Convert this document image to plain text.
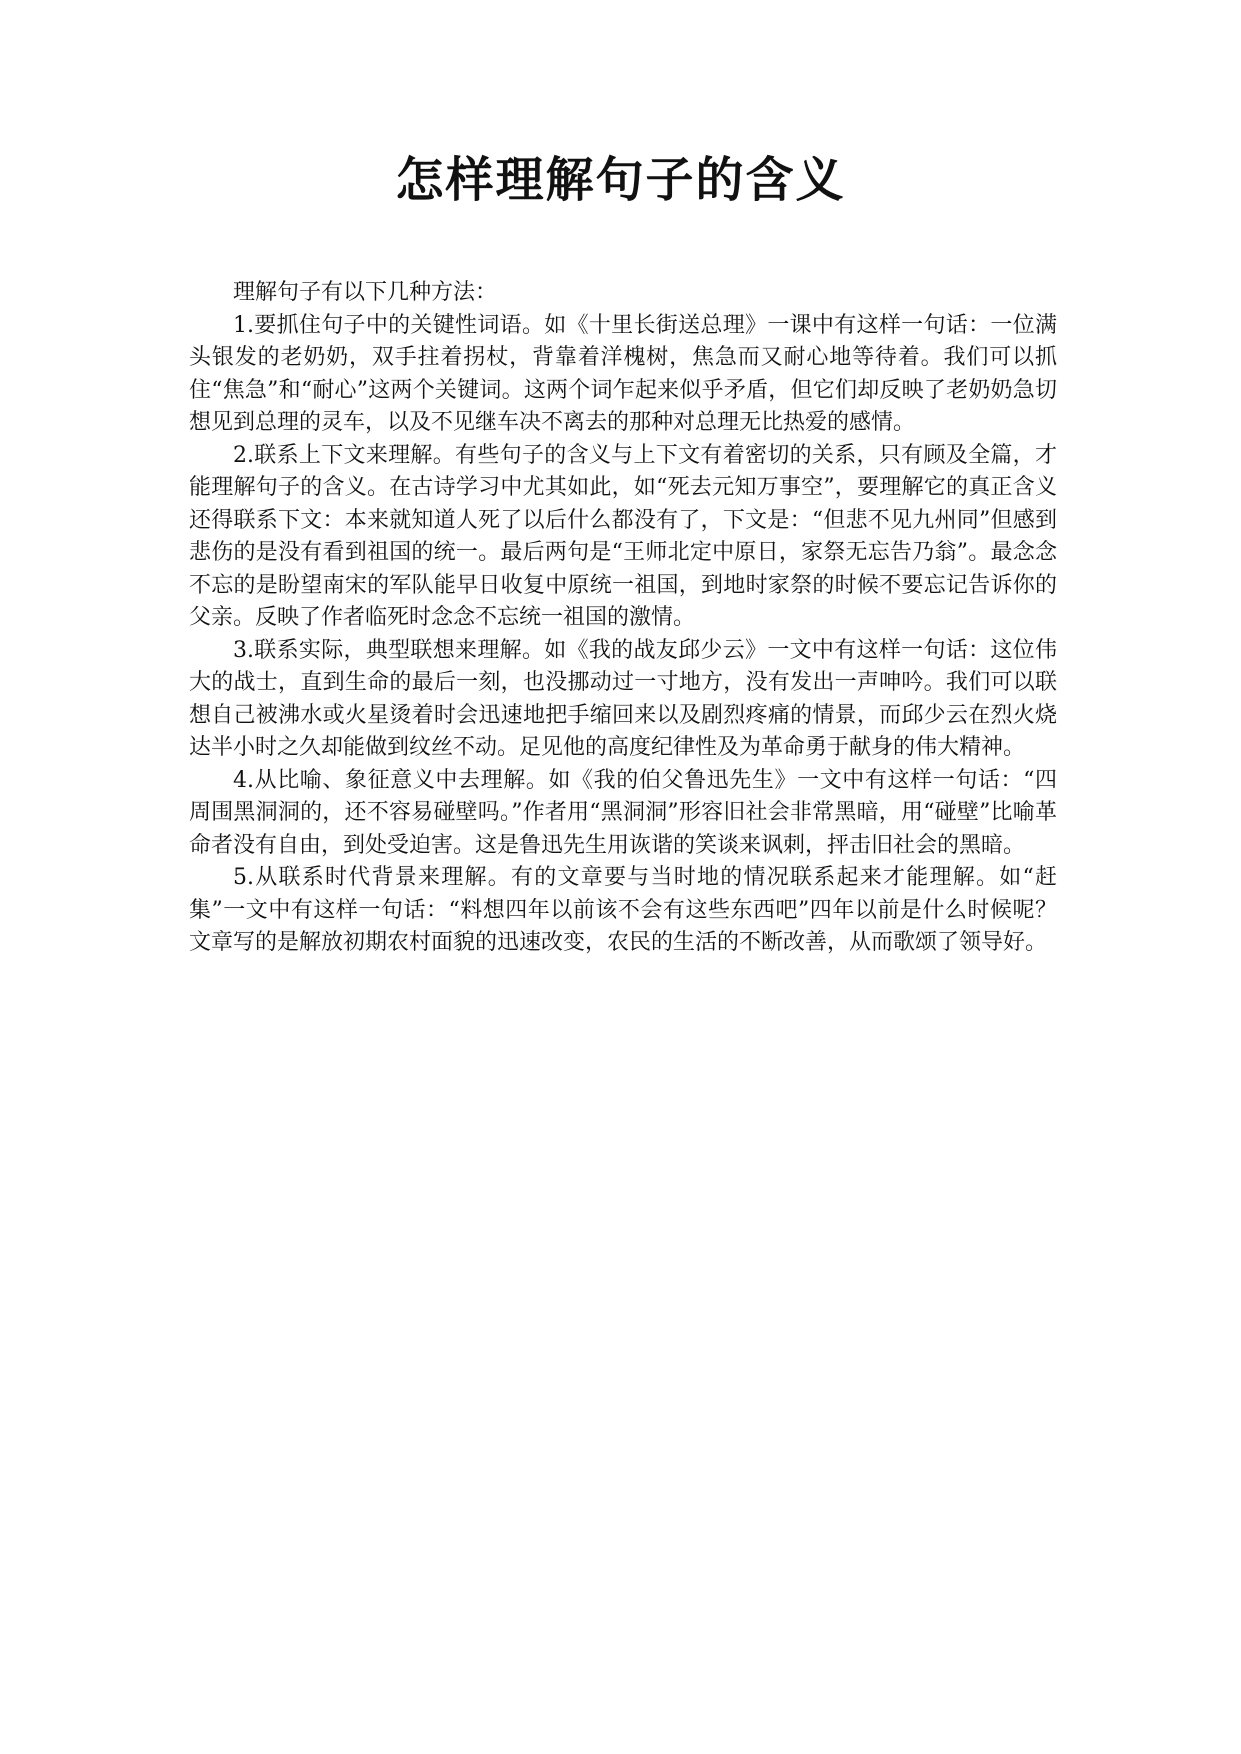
怎样理解句子的含义

理解句子有以下几种方法：

1.要抓住句子中的关键性词语。如《十里长街送总理》一课中有这样一句话：一位满头银发的老奶奶，双手拄着拐杖，背靠着洋槐树，焦急而又耐心地等待着。我们可以抓住“焦急”和“耐心”这两个关键词。这两个词乍起来似乎矛盾，但它们却反映了老奶奶急切想见到总理的灵车，以及不见继车决不离去的那种对总理无比热爱的感情。

2.联系上下文来理解。有些句子的含义与上下文有着密切的关系，只有顾及全篇，才能理解句子的含义。在古诗学习中尤其如此，如“死去元知万事空”，要理解它的真正含义还得联系下文：本来就知道人死了以后什么都没有了，下文是：“但悲不见九州同”但感到悲伤的是没有看到祖国的统一。最后两句是“王师北定中原日，家祭无忘告乃翁”。最念念不忘的是盼望南宋的军队能早日收复中原统一祖国，到地时家祭的时候不要忘记告诉你的父亲。反映了作者临死时念念不忘统一祖国的激情。

3.联系实际，典型联想来理解。如《我的战友邱少云》一文中有这样一句话：这位伟大的战士，直到生命的最后一刻，也没挪动过一寸地方，没有发出一声呻吟。我们可以联想自己被沸水或火星烫着时会迅速地把手缩回来以及剧烈疼痛的情景，而邱少云在烈火烧达半小时之久却能做到纹丝不动。足见他的高度纪律性及为革命勇于献身的伟大精神。

4.从比喻、象征意义中去理解。如《我的伯父鲁迅先生》一文中有这样一句话：“四周围黑洞洞的，还不容易碰壁吗。”作者用“黑洞洞”形容旧社会非常黑暗，用“碰壁”比喻革命者没有自由，到处受迫害。这是鲁迅先生用诙谐的笑谈来讽刺，抨击旧社会的黑暗。

5.从联系时代背景来理解。有的文章要与当时地的情况联系起来才能理解。如“赶集”一文中有这样一句话：“料想四年以前该不会有这些东西吧”四年以前是什么时候呢？文章写的是解放初期农村面貌的迅速改变，农民的生活的不断改善，从而歌颂了领导好。
